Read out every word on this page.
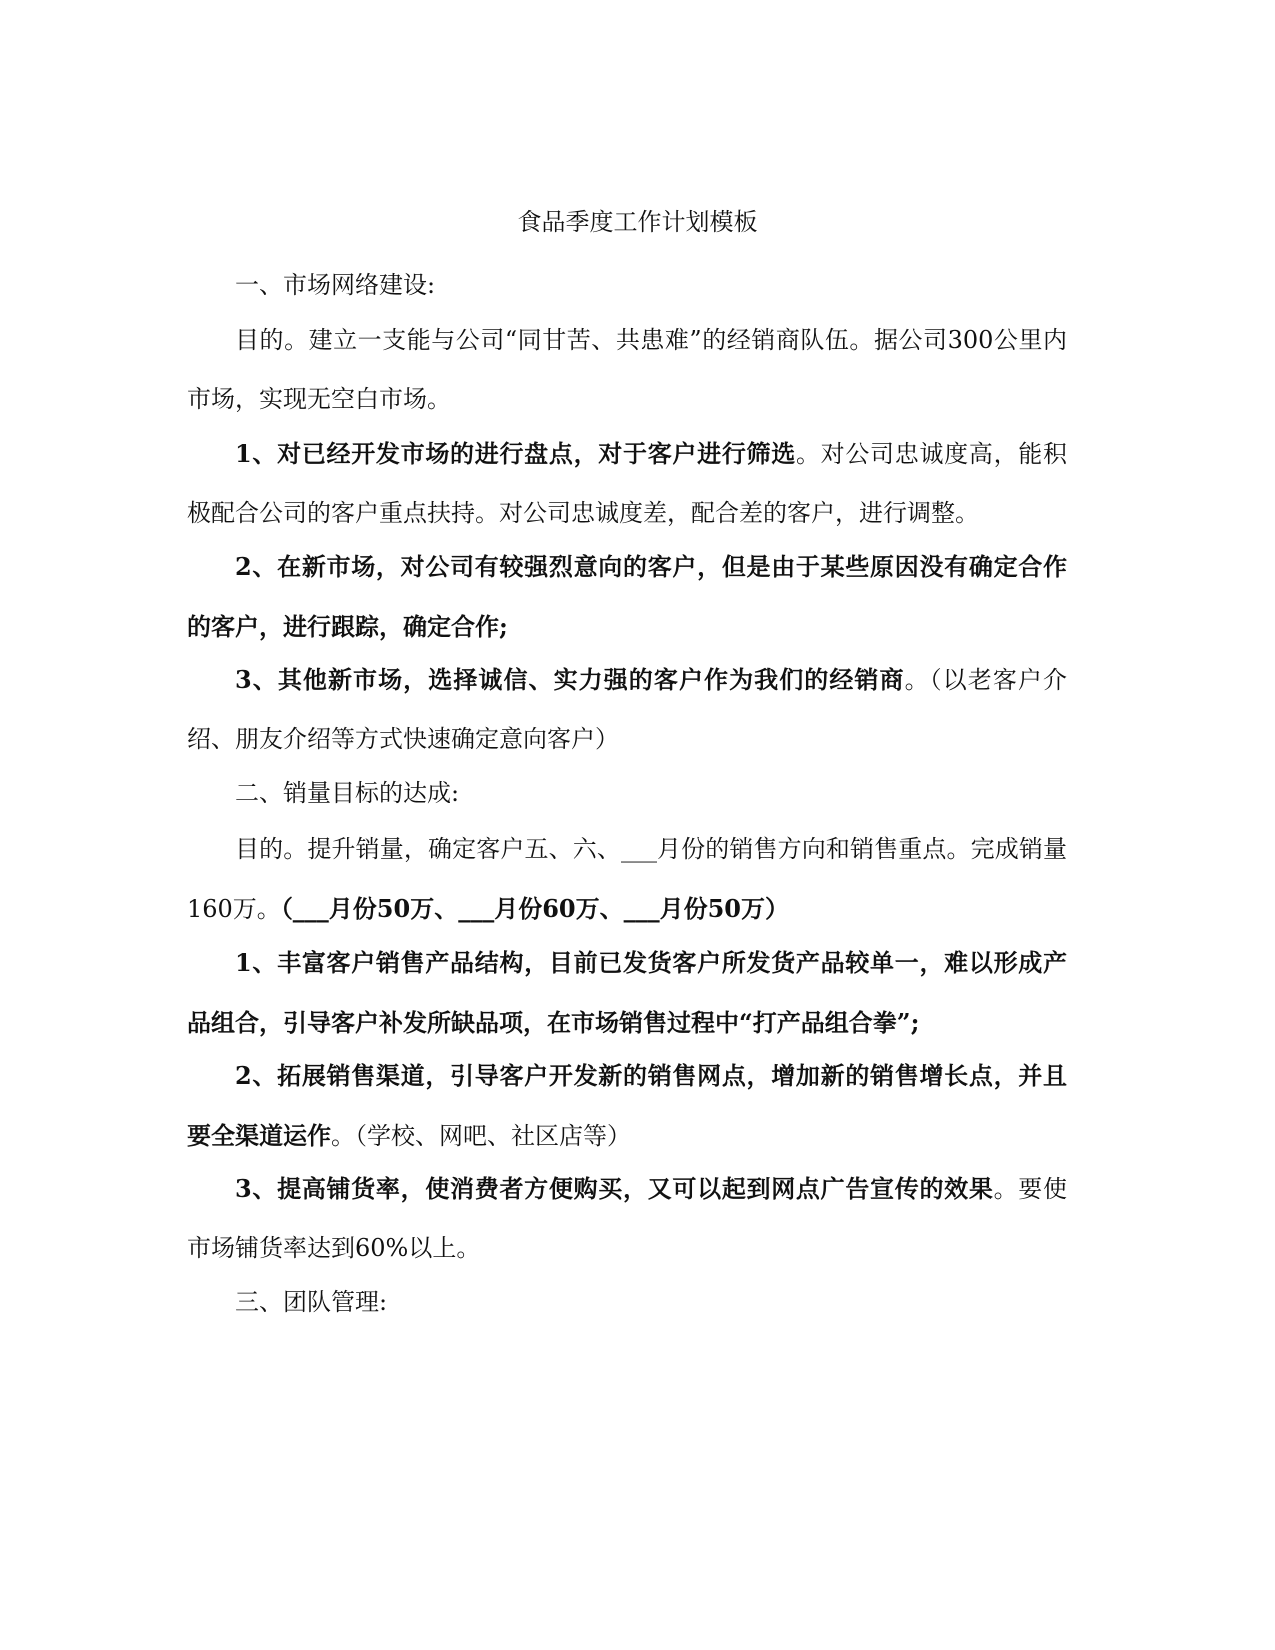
食品季度工作计划模板
一、市场网络建设:
目的。建立一支能与公司“同甘苦、共患难”的经销商队伍。据公司300公里内市场，实现无空白市场。
1、对已经开发市场的进行盘点，对于客户进行筛选。对公司忠诚度高，能积极配合公司的客户重点扶持。对公司忠诚度差，配合差的客户，进行调整。
2、在新市场，对公司有较强烈意向的客户，但是由于某些原因没有确定合作的客户，进行跟踪，确定合作;
3、其他新市场，选择诚信、实力强的客户作为我们的经销商。（以老客户介绍、朋友介绍等方式快速确定意向客户）
二、销量目标的达成:
目的。提升销量，确定客户五、六、___月份的销售方向和销售重点。完成销量160万。（___月份50万、___月份60万、___月份50万）
1、丰富客户销售产品结构，目前已发货客户所发货产品较单一，难以形成产品组合，引导客户补发所缺品项，在市场销售过程中“打产品组合拳”;
2、拓展销售渠道，引导客户开发新的销售网点，增加新的销售增长点，并且要全渠道运作。（学校、网吧、社区店等）
3、提高铺货率，使消费者方便购买，又可以起到网点广告宣传的效果。要使市场铺货率达到60%以上。
三、团队管理:
